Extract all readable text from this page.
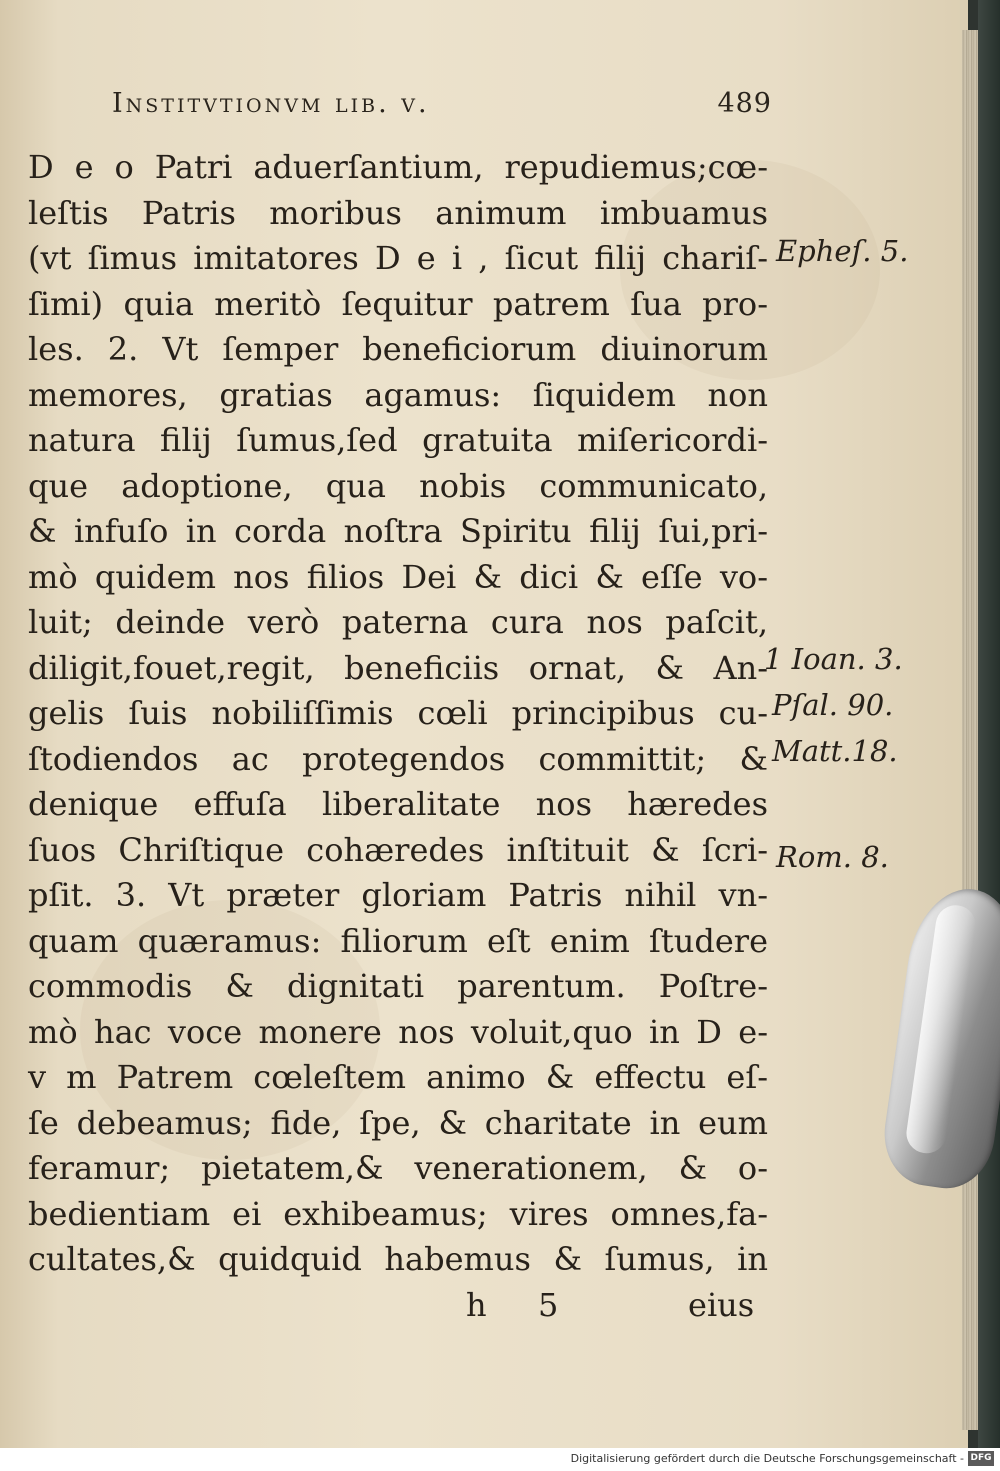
Institvtionvm lib. v.	489
D e o Patri aduerſantium, repudiemus;cœ-
leſtis Patris moribus animum imbuamus
(vt ſimus imitatores D e i , ſicut filij chariſ-
ſimi) quia meritò ſequitur patrem ſua pro-
les. 2. Vt ſemper beneficiorum diuinorum
memores, gratias agamus: ſiquidem non
natura filij ſumus,ſed gratuita miſericordi-
que adoptione, qua nobis communicato,
& infuſo in corda noſtra Spiritu filij ſui,pri-
mò quidem nos filios Dei & dici & eſſe vo-
luit; deinde verò paterna cura nos paſcit,
diligit,fouet,regit, beneficiis ornat, & An-
gelis ſuis nobiliſſimis cœli principibus cu-
ſtodiendos ac protegendos committit; &
denique effuſa liberalitate nos hæredes
ſuos Chriſtique cohæredes inſtituit & ſcri-
pſit. 3. Vt præter gloriam Patris nihil vn-
quam quæramus: filiorum eſt enim ſtudere
commodis & dignitati parentum. Poſtre-
mò hac voce monere nos voluit,quo in D e-
v m Patrem cœleſtem animo & effectu eſ-
ſe debeamus; fide, ſpe, & charitate in eum
feramur; pietatem,& venerationem, & o-
bedientiam ei exhibeamus; vires omnes,fa-
cultates,& quidquid habemus & ſumus, in
Epheſ. 5.
1 Ioan. 3.
Pſal. 90.
Matt.18.
Rom. 8.
h 5	eius
Digitalisierung gefördert durch die Deutsche Forschungsgemeinschaft - DFG
